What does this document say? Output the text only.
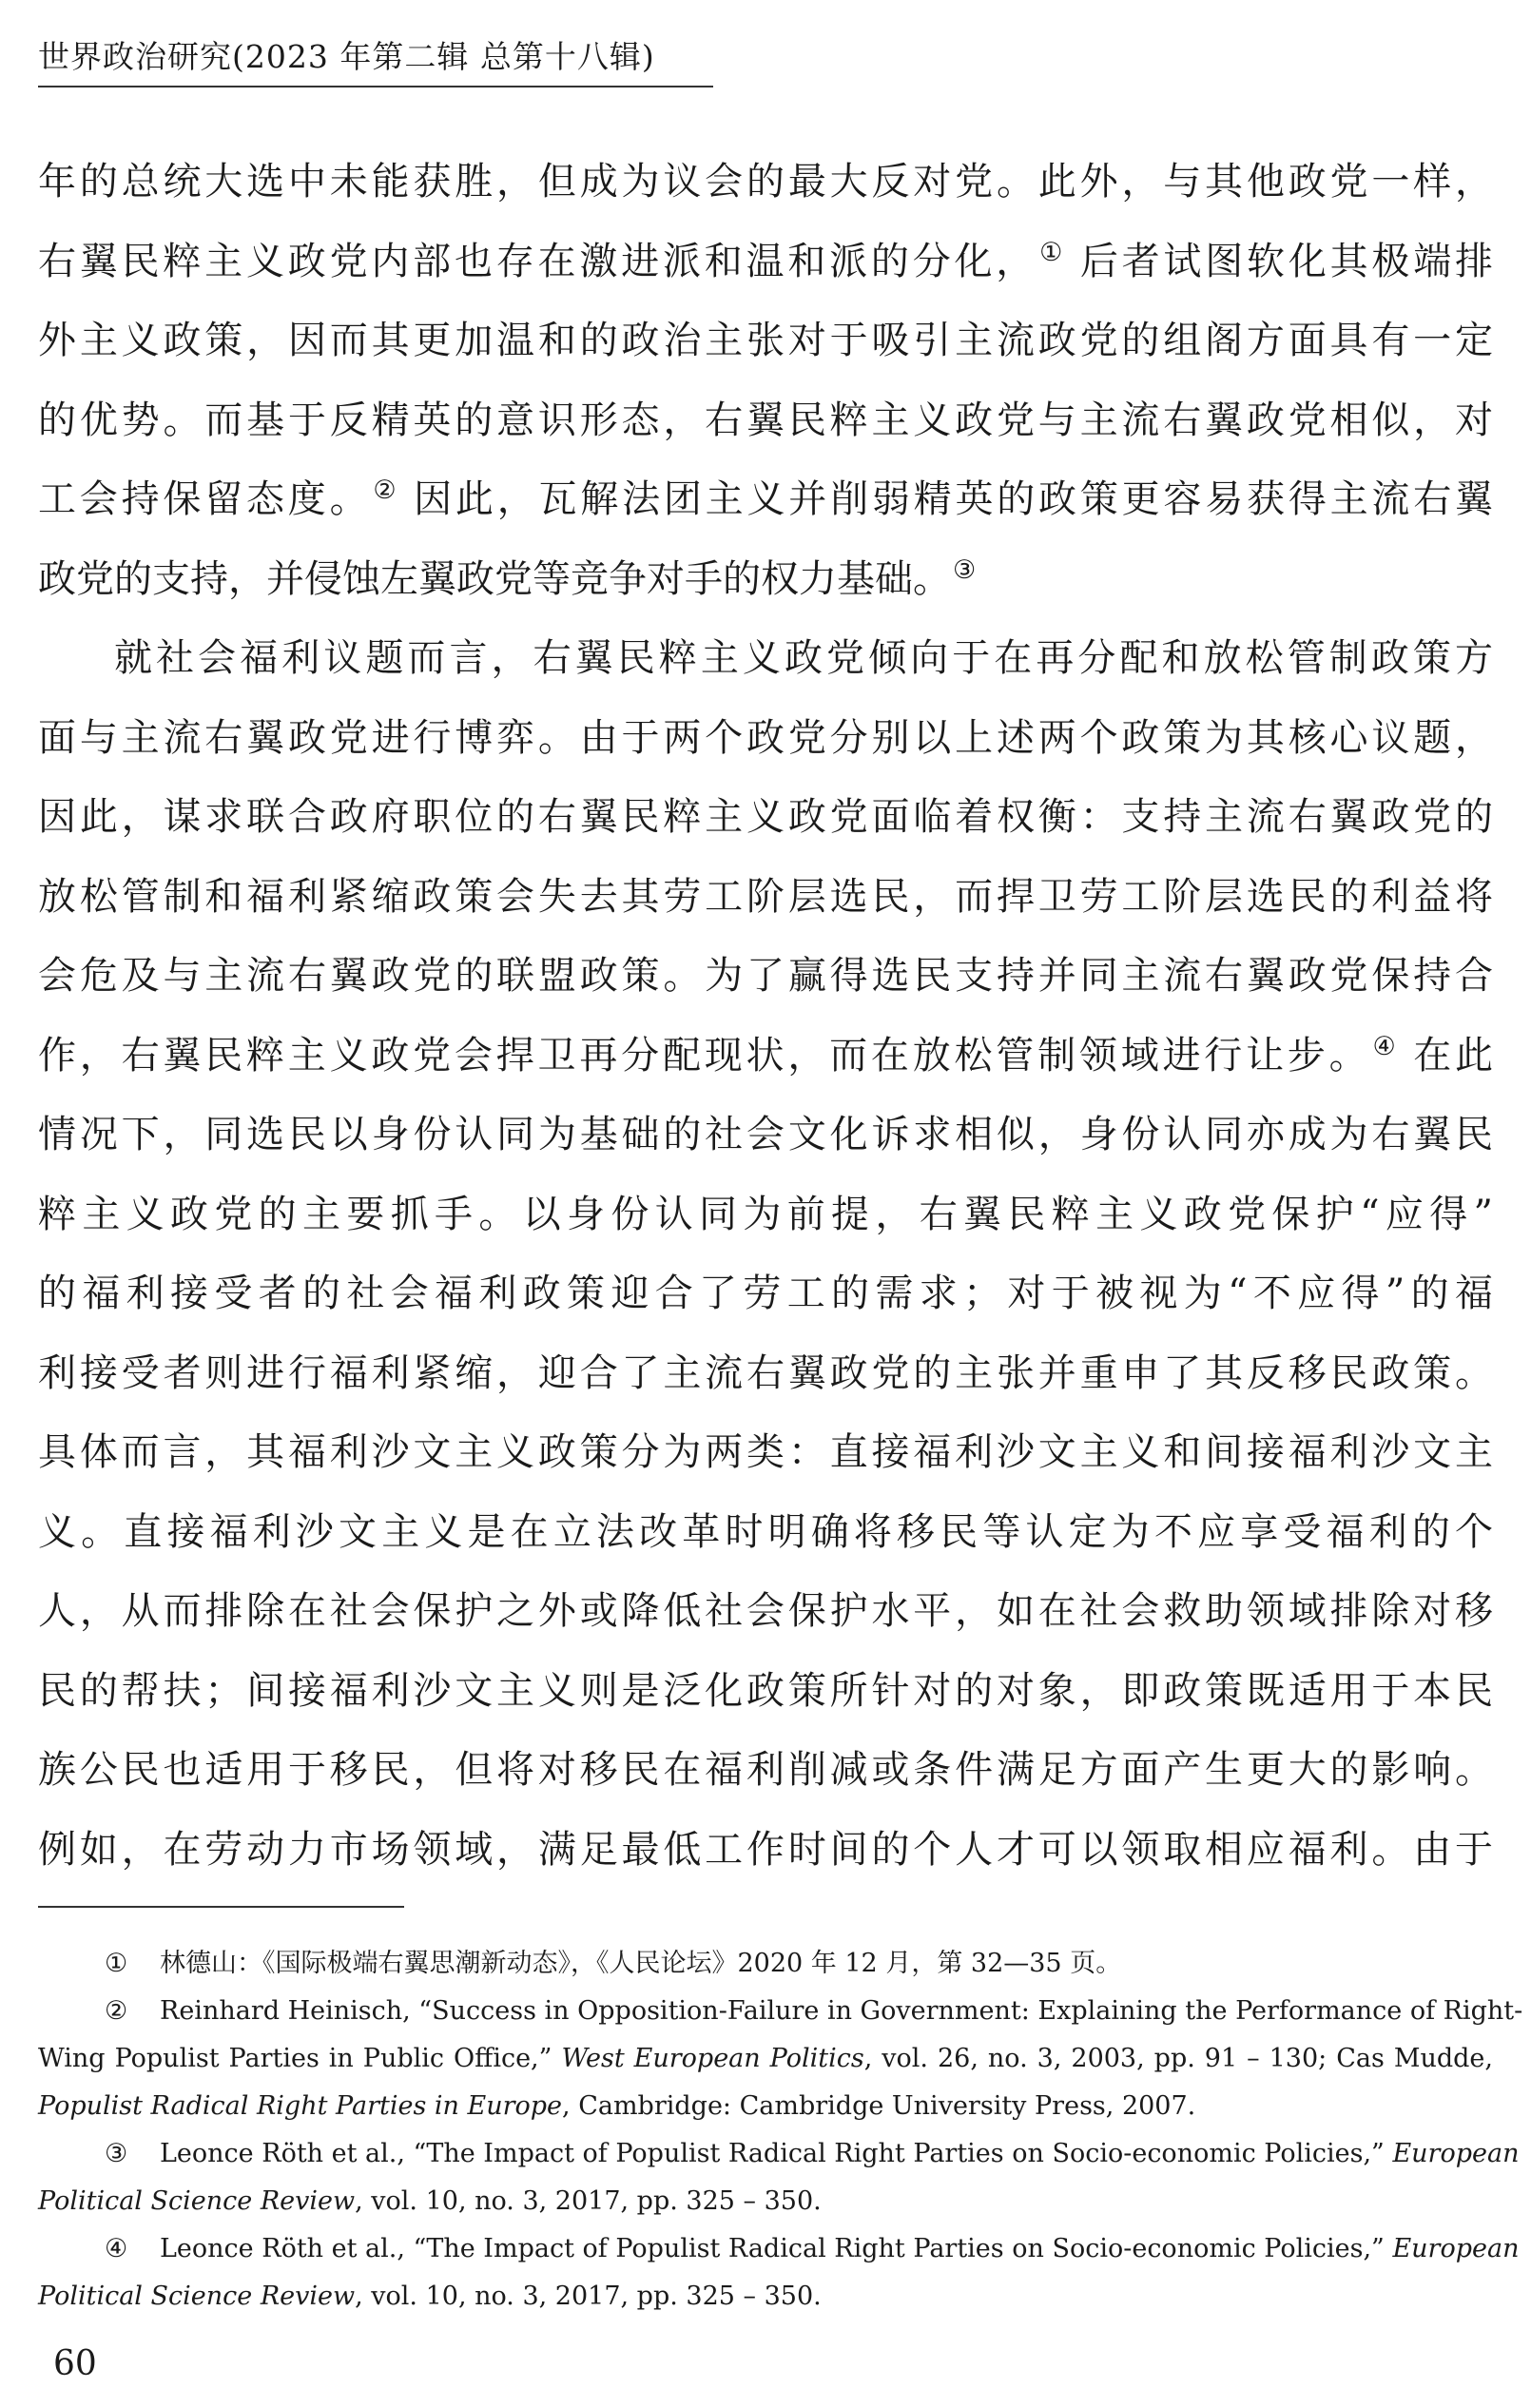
世界政治研究(2023 年第二辑 总第十八辑)
年的总统大选中未能获胜，但成为议会的最大反对党。此外，与其他政党一样，
右翼民粹主义政党内部也存在激进派和温和派的分化，① 后者试图软化其极端排
外主义政策，因而其更加温和的政治主张对于吸引主流政党的组阁方面具有一定
的优势。而基于反精英的意识形态，右翼民粹主义政党与主流右翼政党相似，对
工会持保留态度。② 因此，瓦解法团主义并削弱精英的政策更容易获得主流右翼
政党的支持，并侵蚀左翼政党等竞争对手的权力基础。③
就社会福利议题而言，右翼民粹主义政党倾向于在再分配和放松管制政策方
面与主流右翼政党进行博弈。由于两个政党分别以上述两个政策为其核心议题，
因此，谋求联合政府职位的右翼民粹主义政党面临着权衡：支持主流右翼政党的
放松管制和福利紧缩政策会失去其劳工阶层选民，而捍卫劳工阶层选民的利益将
会危及与主流右翼政党的联盟政策。为了赢得选民支持并同主流右翼政党保持合
作，右翼民粹主义政党会捍卫再分配现状，而在放松管制领域进行让步。④ 在此
情况下，同选民以身份认同为基础的社会文化诉求相似，身份认同亦成为右翼民
粹主义政党的主要抓手。以身份认同为前提，右翼民粹主义政党保护“应得”
的福利接受者的社会福利政策迎合了劳工的需求；对于被视为“不应得”的福
利接受者则进行福利紧缩，迎合了主流右翼政党的主张并重申了其反移民政策。
具体而言，其福利沙文主义政策分为两类：直接福利沙文主义和间接福利沙文主
义。直接福利沙文主义是在立法改革时明确将移民等认定为不应享受福利的个
人，从而排除在社会保护之外或降低社会保护水平，如在社会救助领域排除对移
民的帮扶；间接福利沙文主义则是泛化政策所针对的对象，即政策既适用于本民
族公民也适用于移民，但将对移民在福利削减或条件满足方面产生更大的影响。
例如，在劳动力市场领域，满足最低工作时间的个人才可以领取相应福利。由于
① 林德山：《国际极端右翼思潮新动态》，《人民论坛》2020 年 12 月，第 32—35 页。
② Reinhard Heinisch, “Success in Opposition-Failure in Government: Explaining the Performance of Right-
Wing Populist Parties in Public Office,” West European Politics, vol. 26, no. 3, 2003, pp. 91 – 130; Cas Mudde,
Populist Radical Right Parties in Europe, Cambridge: Cambridge University Press, 2007.
③ Leonce Röth et al., “The Impact of Populist Radical Right Parties on Socio-economic Policies,” European
Political Science Review, vol. 10, no. 3, 2017, pp. 325 – 350.
④ Leonce Röth et al., “The Impact of Populist Radical Right Parties on Socio-economic Policies,” European
Political Science Review, vol. 10, no. 3, 2017, pp. 325 – 350.
60
